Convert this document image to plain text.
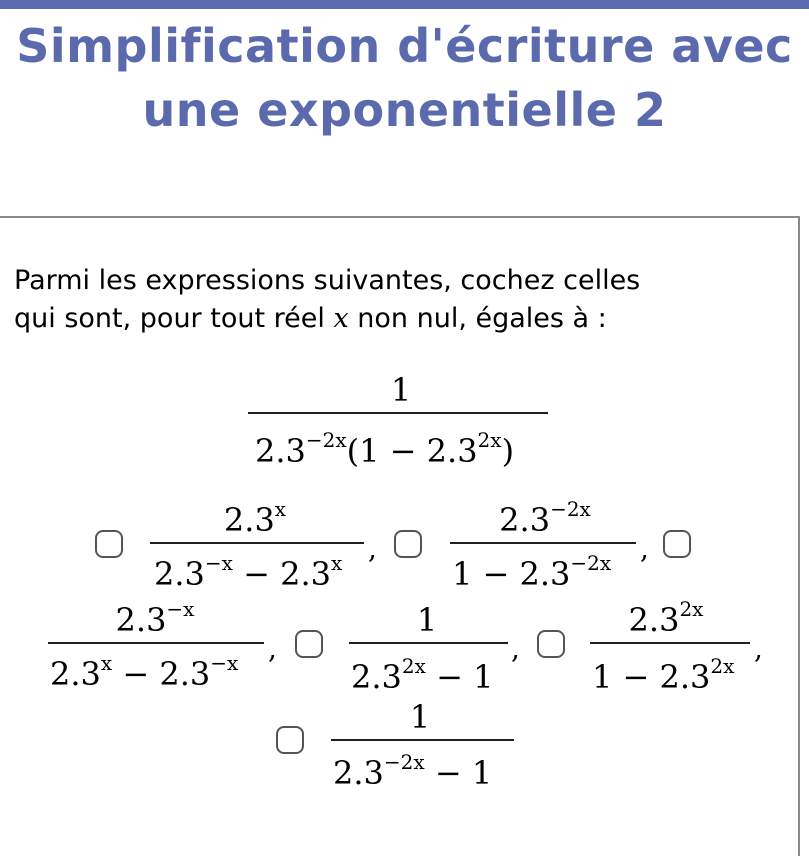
Simplification d'écriture avec une exponentielle 2
Parmi les expressions suivantes, cochez celles
qui sont, pour tout réel x non nul, égales à :
1
$2.3^{-2x}(1 - 2.3^{2x})$
2.3$^x$
$2.3^{-x} - 2.3^x$ ,
$2.3^{-2x}$
$1 - 2.3^{-2x}$ ,
$2.3^{-x}$
$2.3^x - 2.3^{-x}$ ,
1
$2.3^{2x} - 1$
,
$2.3^{2x}$
$1 - 2.3^{2x}$
,
1
$2.3^{-2x} - 1$
